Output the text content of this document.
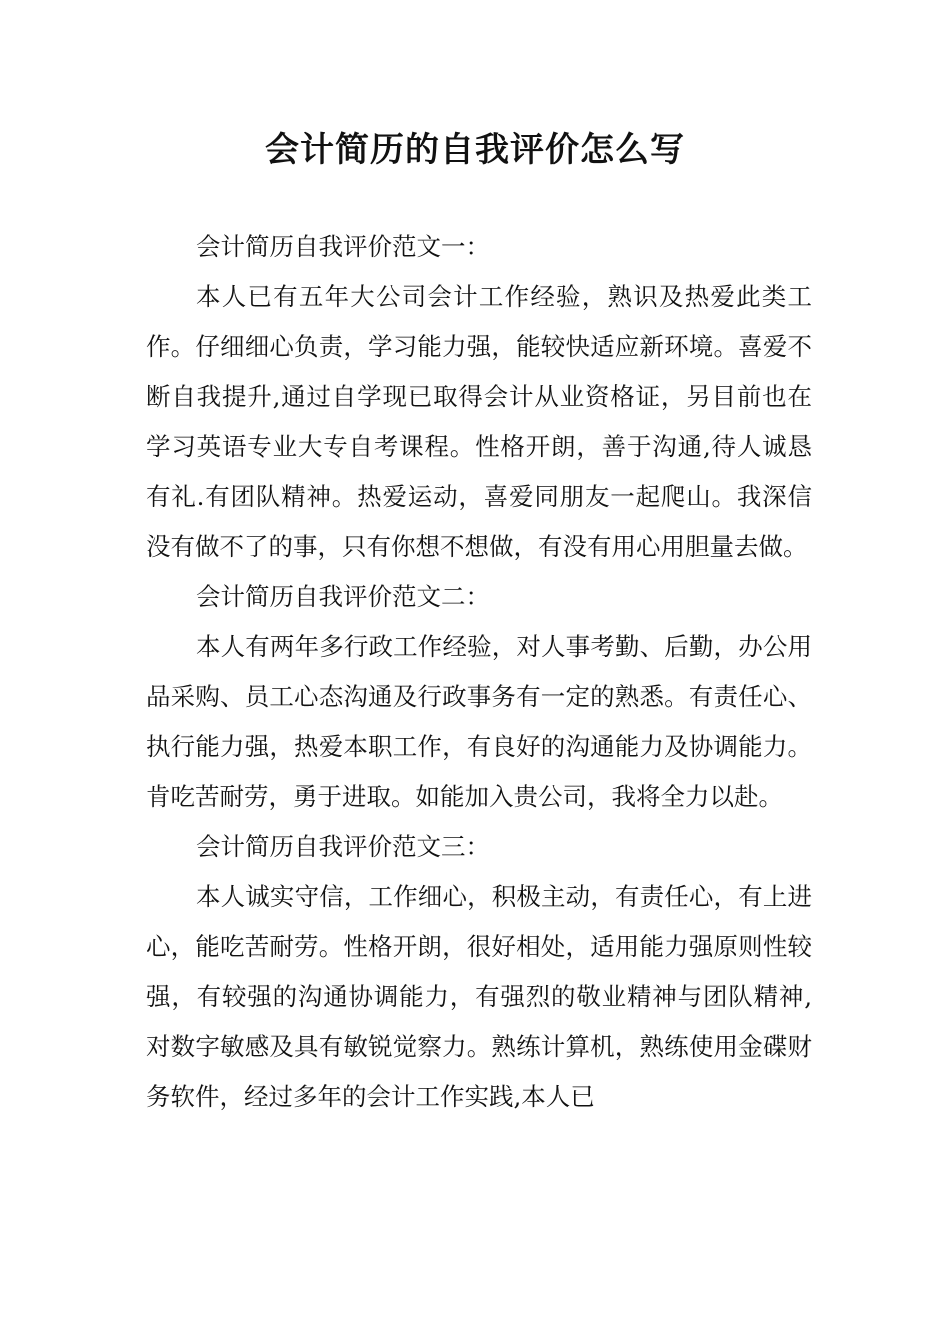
会计简历的自我评价怎么写

会计简历自我评价范文一：

本人已有五年大公司会计工作经验，熟识及热爱此类工作。仔细细心负责，学习能力强，能较快适应新环境。喜爱不断自我提升,通过自学现已取得会计从业资格证，另目前也在学习英语专业大专自考课程。性格开朗，善于沟通,待人诚恳有礼.有团队精神。热爱运动，喜爱同朋友一起爬山。我深信没有做不了的事，只有你想不想做，有没有用心用胆量去做。

会计简历自我评价范文二：

本人有两年多行政工作经验，对人事考勤、后勤，办公用品采购、员工心态沟通及行政事务有一定的熟悉。有责任心、执行能力强，热爱本职工作，有良好的沟通能力及协调能力。肯吃苦耐劳，勇于进取。如能加入贵公司，我将全力以赴。

会计简历自我评价范文三：

本人诚实守信，工作细心，积极主动，有责任心，有上进心，能吃苦耐劳。性格开朗，很好相处，适用能力强原则性较强，有较强的沟通协调能力，有强烈的敬业精神与团队精神,对数字敏感及具有敏锐觉察力。熟练计算机，熟练使用金碟财务软件，经过多年的会计工作实践,本人已
